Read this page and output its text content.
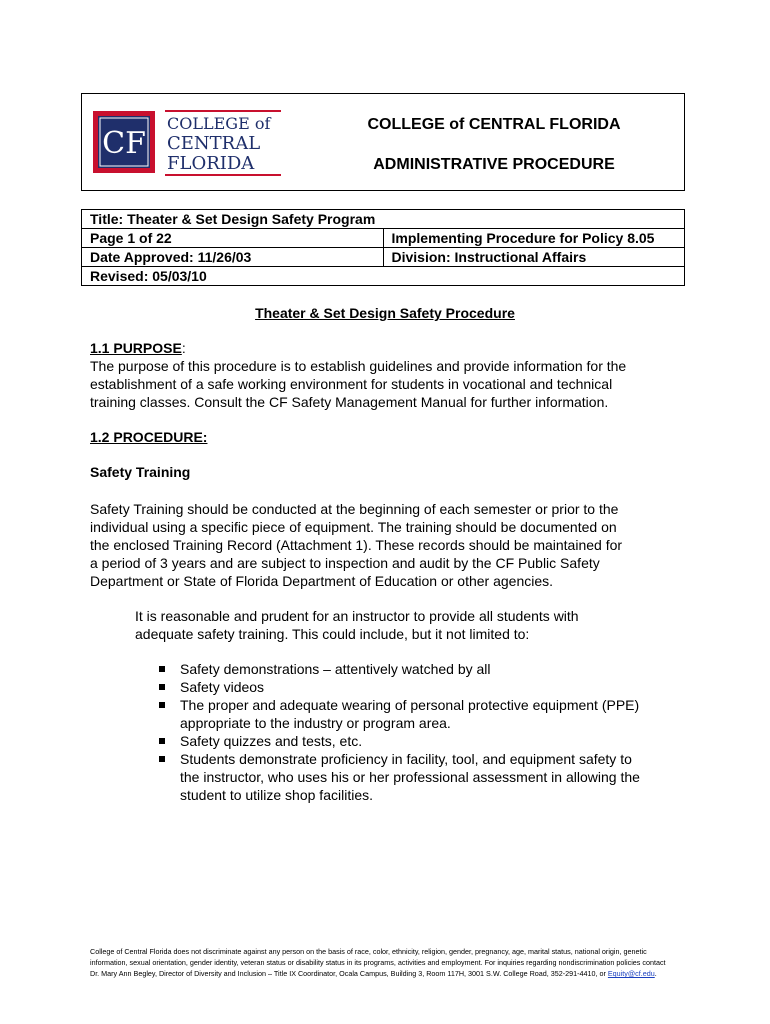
CF
COLLEGE of
CENTRAL
FLORIDA
COLLEGE of CENTRAL FLORIDA
ADMINISTRATIVE PROCEDURE
Title: Theater & Set Design Safety Program	
Page 1 of 22	Implementing Procedure for Policy 8.05
Date Approved: 11/26/03	Division: Instructional Affairs
Revised: 05/03/10	
Theater & Set Design Safety Procedure
1.1 PURPOSE:
The purpose of this procedure is to establish guidelines and provide information for the
establishment of a safe working environment for students in vocational and technical
training classes. Consult the CF Safety Management Manual for further information.
1.2 PROCEDURE:
Safety Training
Safety Training should be conducted at the beginning of each semester or prior to the
individual using a specific piece of equipment. The training should be documented on
the enclosed Training Record (Attachment 1). These records should be maintained for
a period of 3 years and are subject to inspection and audit by the CF Public Safety
Department or State of Florida Department of Education or other agencies.
It is reasonable and prudent for an instructor to provide all students with
adequate safety training. This could include, but it not limited to:
Safety demonstrations – attentively watched by all
Safety videos
The proper and adequate wearing of personal protective equipment (PPE)
appropriate to the industry or program area.
Safety quizzes and tests, etc.
Students demonstrate proficiency in facility, tool, and equipment safety to
the instructor, who uses his or her professional assessment in allowing the
student to utilize shop facilities.
College of Central Florida does not discriminate against any person on the basis of race, color, ethnicity, religion, gender, pregnancy, age, marital status, national origin, genetic
information, sexual orientation, gender identity, veteran status or disability status in its programs, activities and employment. For inquiries regarding nondiscrimination policies contact
Dr. Mary Ann Begley, Director of Diversity and Inclusion – Title IX Coordinator, Ocala Campus, Building 3, Room 117H, 3001 S.W. College Road, 352-291-4410, or Equity@cf.edu.
